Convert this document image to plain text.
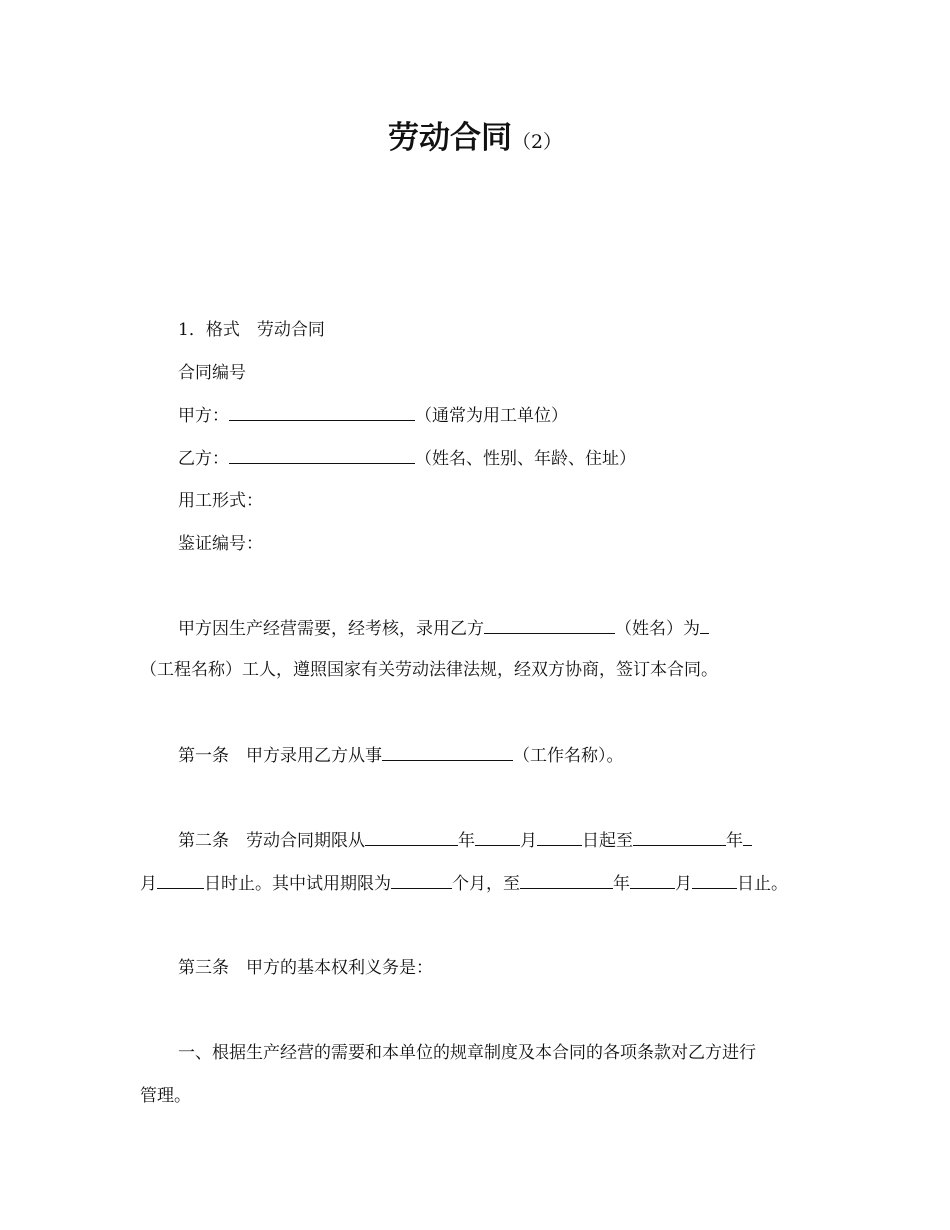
劳动合同（2）
1．格式　劳动合同
合同编号
甲方：	（通常为用工单位）
乙方：	（姓名、性别、年龄、住址）
用工形式：
鉴证编号：
甲方因生产经营需要，经考核，录用乙方	（姓名）为
（工程名称）工人，遵照国家有关劳动法律法规，经双方协商，签订本合同。
第一条　甲方录用乙方从事	（工作名称）。
第二条　劳动合同期限从	年	月	日起至	年
月	日时止。其中试用期限为	个月，至	年	月	日止。
第三条　甲方的基本权利义务是：
一、根据生产经营的需要和本单位的规章制度及本合同的各项条款对乙方进行
管理。
